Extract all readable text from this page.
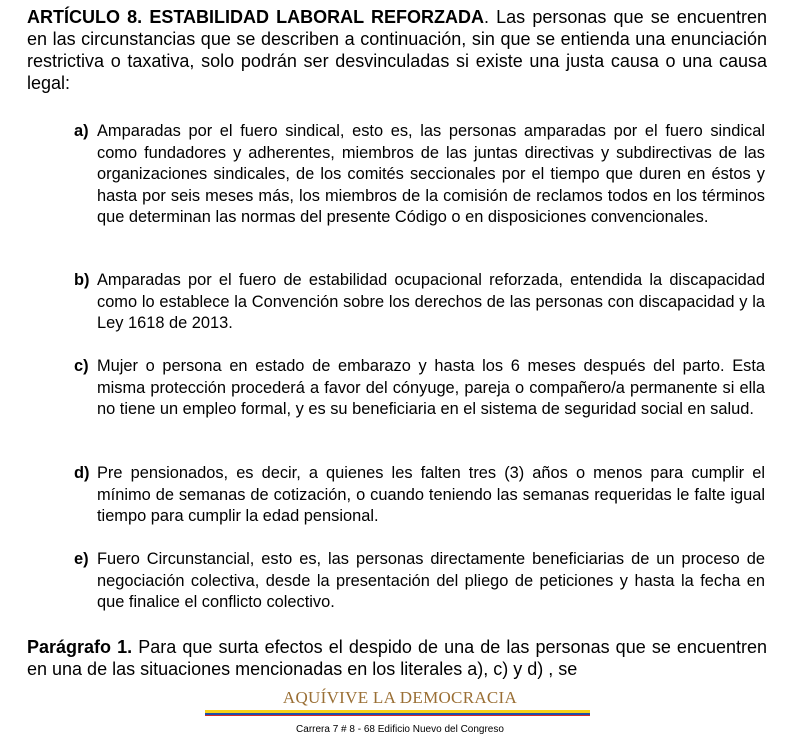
ARTÍCULO 8. ESTABILIDAD LABORAL REFORZADA. Las personas que se encuentren en las circunstancias que se describen a continuación, sin que se entienda una enunciación restrictiva o taxativa, solo podrán ser desvinculadas si existe una justa causa o una causa legal:

a) Amparadas por el fuero sindical, esto es, las personas amparadas por el fuero sindical como fundadores y adherentes, miembros de las juntas directivas y subdirectivas de las organizaciones sindicales, de los comités seccionales por el tiempo que duren en éstos y hasta por seis meses más, los miembros de la comisión de reclamos todos en los términos que determinan las normas del presente Código o en disposiciones convencionales.

b) Amparadas por el fuero de estabilidad ocupacional reforzada, entendida la discapacidad como lo establece la Convención sobre los derechos de las personas con discapacidad y la Ley 1618 de 2013.

c) Mujer o persona en estado de embarazo y hasta los 6 meses después del parto. Esta misma protección procederá a favor del cónyuge, pareja o compañero/a permanente si ella no tiene un empleo formal, y es su beneficiaria en el sistema de seguridad social en salud.

d) Pre pensionados, es decir, a quienes les falten tres (3) años o menos para cumplir el mínimo de semanas de cotización, o cuando teniendo las semanas requeridas le falte igual tiempo para cumplir la edad pensional.

e) Fuero Circunstancial, esto es, las personas directamente beneficiarias de un proceso de negociación colectiva, desde la presentación del pliego de peticiones y hasta la fecha en que finalice el conflicto colectivo.

Parágrafo 1. Para que surta efectos el despido de una de las personas que se encuentren en una de las situaciones mencionadas en los literales a), c) y d) , se

AQUÍVIVE LA DEMOCRACIA
Carrera 7 # 8 - 68 Edificio Nuevo del Congreso
